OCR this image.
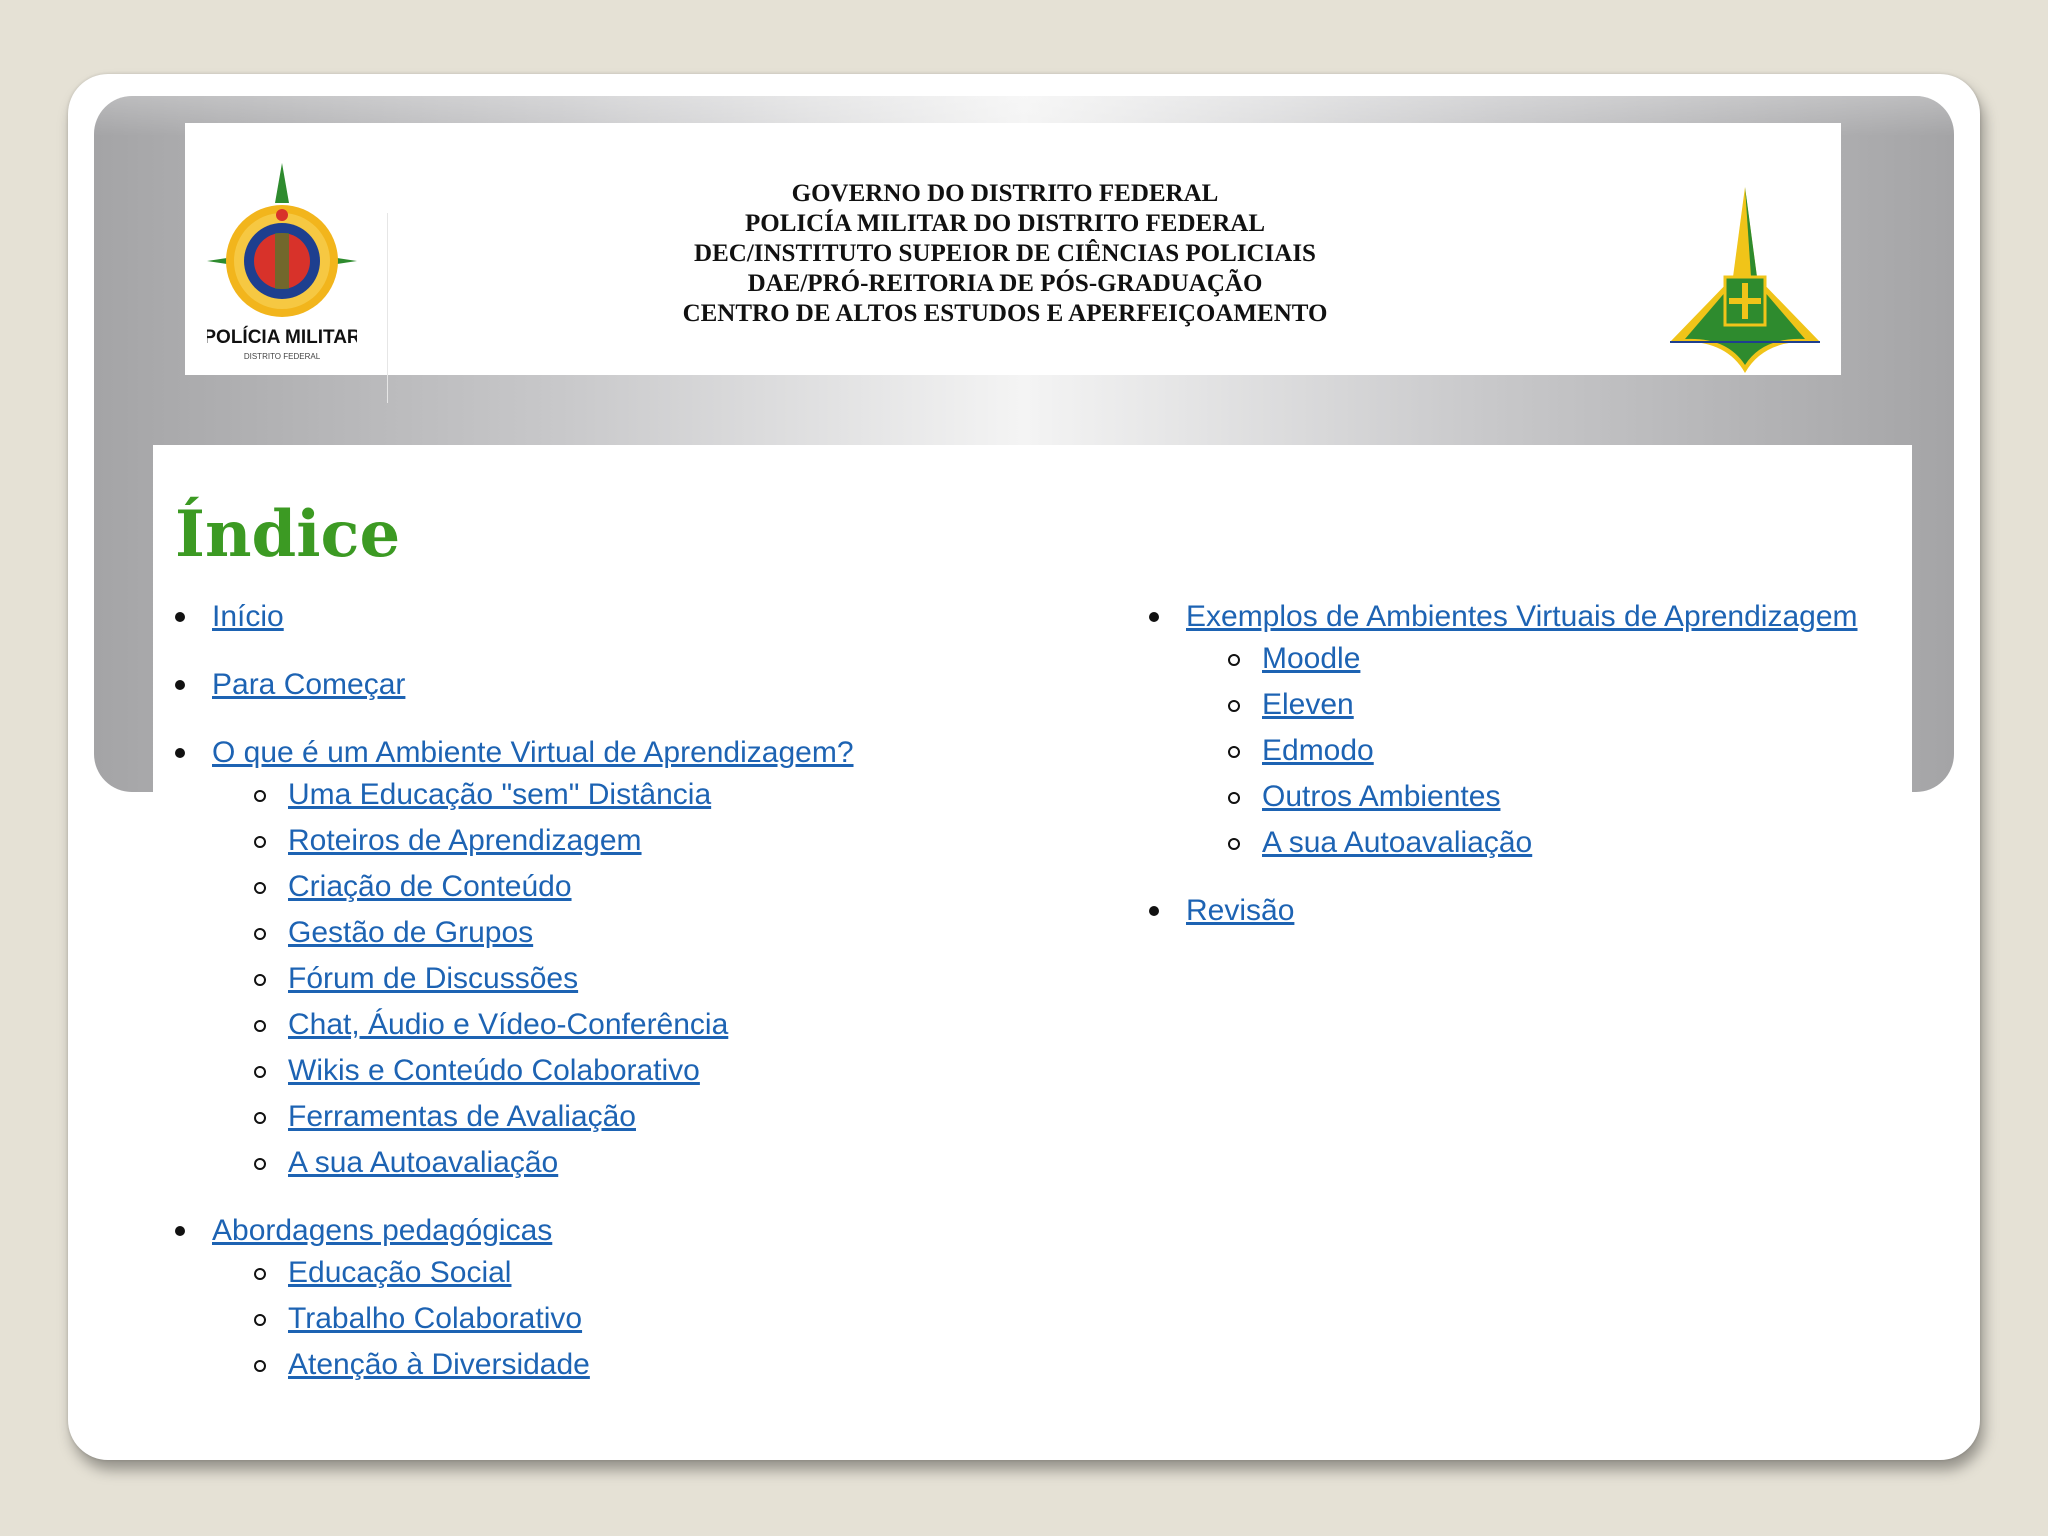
POLÍCIA MILITAR
DISTRITO FEDERAL
GOVERNO DO DISTRITO FEDERAL
POLICÍA MILITAR DO DISTRITO FEDERAL
DEC/INSTITUTO SUPEIOR DE CIÊNCIAS POLICIAIS
DAE/PRÓ-REITORIA DE PÓS-GRADUAÇÃO
CENTRO DE ALTOS ESTUDOS E APERFEIÇOAMENTO
Índice
Início
Para Começar
O que é um Ambiente Virtual de Aprendizagem?
Uma Educação "sem" Distância
Roteiros de Aprendizagem
Criação de Conteúdo
Gestão de Grupos
Fórum de Discussões
Chat, Áudio e Vídeo-Conferência
Wikis e Conteúdo Colaborativo
Ferramentas de Avaliação
A sua Autoavaliação
Abordagens pedagógicas
Educação Social
Trabalho Colaborativo
Atenção à Diversidade
Exemplos de Ambientes Virtuais de Aprendizagem
Moodle
Eleven
Edmodo
Outros Ambientes
A sua Autoavaliação
Revisão
